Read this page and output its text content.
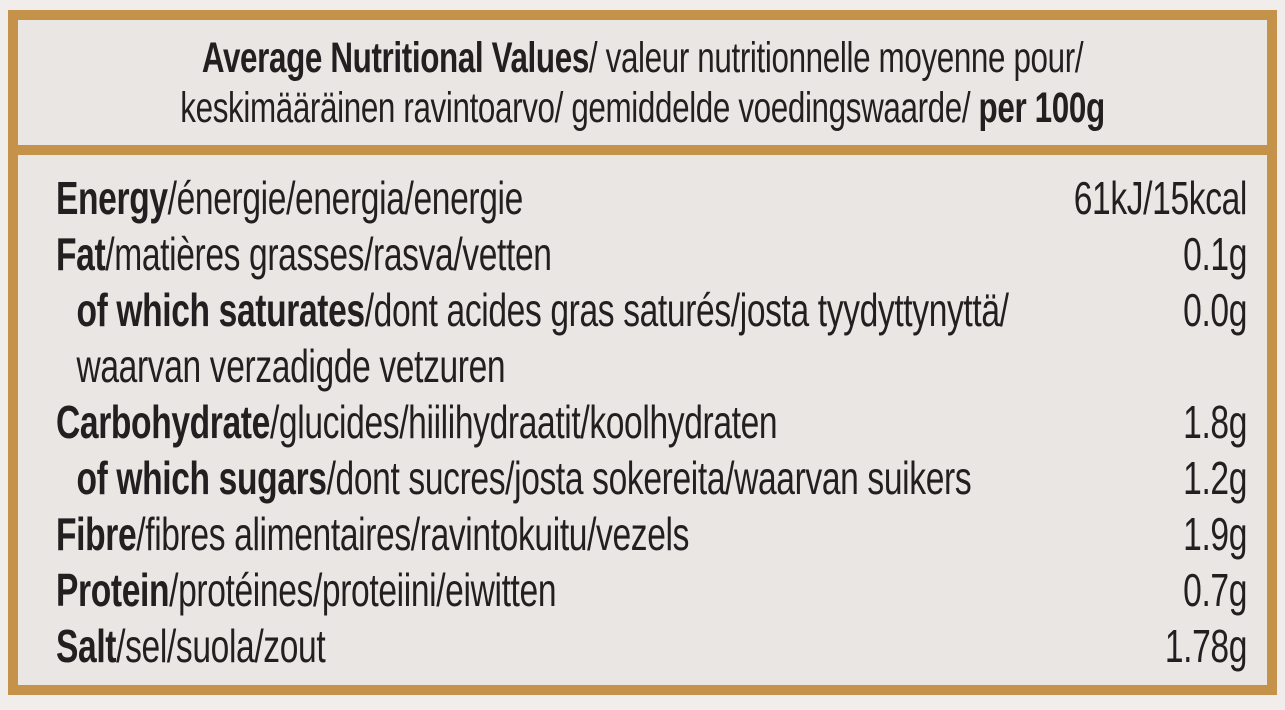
Average Nutritional Values/ valeur nutritionnelle moyenne pour/
keskimääräinen ravintoarvo/ gemiddelde voedingswaarde/ per 100g
Energy/énergie/energia/energie	61kJ/15kcal
Fat/matières grasses/rasva/vetten	0.1g
of which saturates/dont acides gras saturés/josta tyydyttynyttä/	0.0g
waarvan verzadigde vetzuren
Carbohydrate/glucides/hiilihydraatit/koolhydraten	1.8g
of which sugars/dont sucres/josta sokereita/waarvan suikers	1.2g
Fibre/fibres alimentaires/ravintokuitu/vezels	1.9g
Protein/protéines/proteiini/eiwitten	0.7g
Salt/sel/suola/zout	1.78g
